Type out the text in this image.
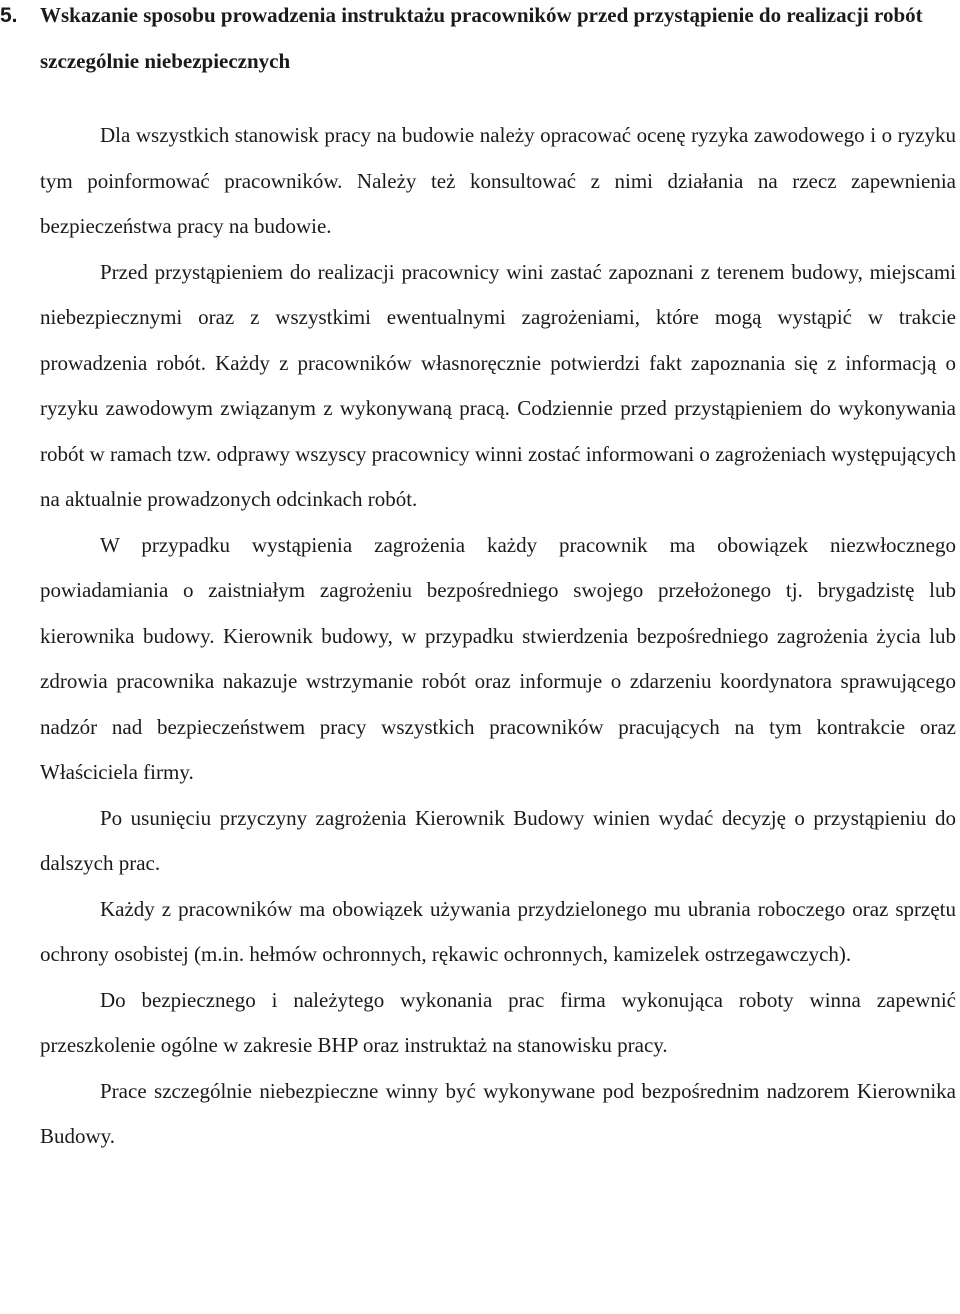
5. Wskazanie sposobu prowadzenia instruktażu pracowników przed przystąpienie do realizacji robót szczególnie niebezpiecznych

Dla wszystkich stanowisk pracy na budowie należy opracować ocenę ryzyka zawodowego i o ryzyku tym poinformować pracowników. Należy też konsultować z nimi działania na rzecz zapewnienia bezpieczeństwa pracy na budowie.

Przed przystąpieniem do realizacji pracownicy wini zastać zapoznani z terenem budowy, miejscami niebezpiecznymi oraz z wszystkimi ewentualnymi zagrożeniami, które mogą wystąpić w trakcie prowadzenia robót. Każdy z pracowników własnoręcznie potwierdzi fakt zapoznania się z informacją o ryzyku zawodowym związanym z wykonywaną pracą. Codziennie przed przystąpieniem do wykonywania robót w ramach tzw. odprawy wszyscy pracownicy winni zostać informowani o zagrożeniach występujących na aktualnie prowadzonych odcinkach robót.

W przypadku wystąpienia zagrożenia każdy pracownik ma obowiązek niezwłocznego powiadamiania o zaistniałym zagrożeniu bezpośredniego swojego przełożonego tj. brygadzistę lub kierownika budowy. Kierownik budowy, w przypadku stwierdzenia bezpośredniego zagrożenia życia lub zdrowia pracownika nakazuje wstrzymanie robót oraz informuje o zdarzeniu koordynatora sprawującego nadzór nad bezpieczeństwem pracy wszystkich pracowników pracujących na tym kontrakcie oraz Właściciela firmy.

Po usunięciu przyczyny zagrożenia Kierownik Budowy winien wydać decyzję o przystąpieniu do dalszych prac.

Każdy z pracowników ma obowiązek używania przydzielonego mu ubrania roboczego oraz sprzętu ochrony osobistej (m.in. hełmów ochronnych, rękawic ochronnych, kamizelek ostrzegawczych).

Do bezpiecznego i należytego wykonania prac firma wykonująca roboty winna zapewnić przeszkolenie ogólne w zakresie BHP oraz instruktaż na stanowisku pracy.

Prace szczególnie niebezpieczne winny być wykonywane pod bezpośrednim nadzorem Kierownika Budowy.
